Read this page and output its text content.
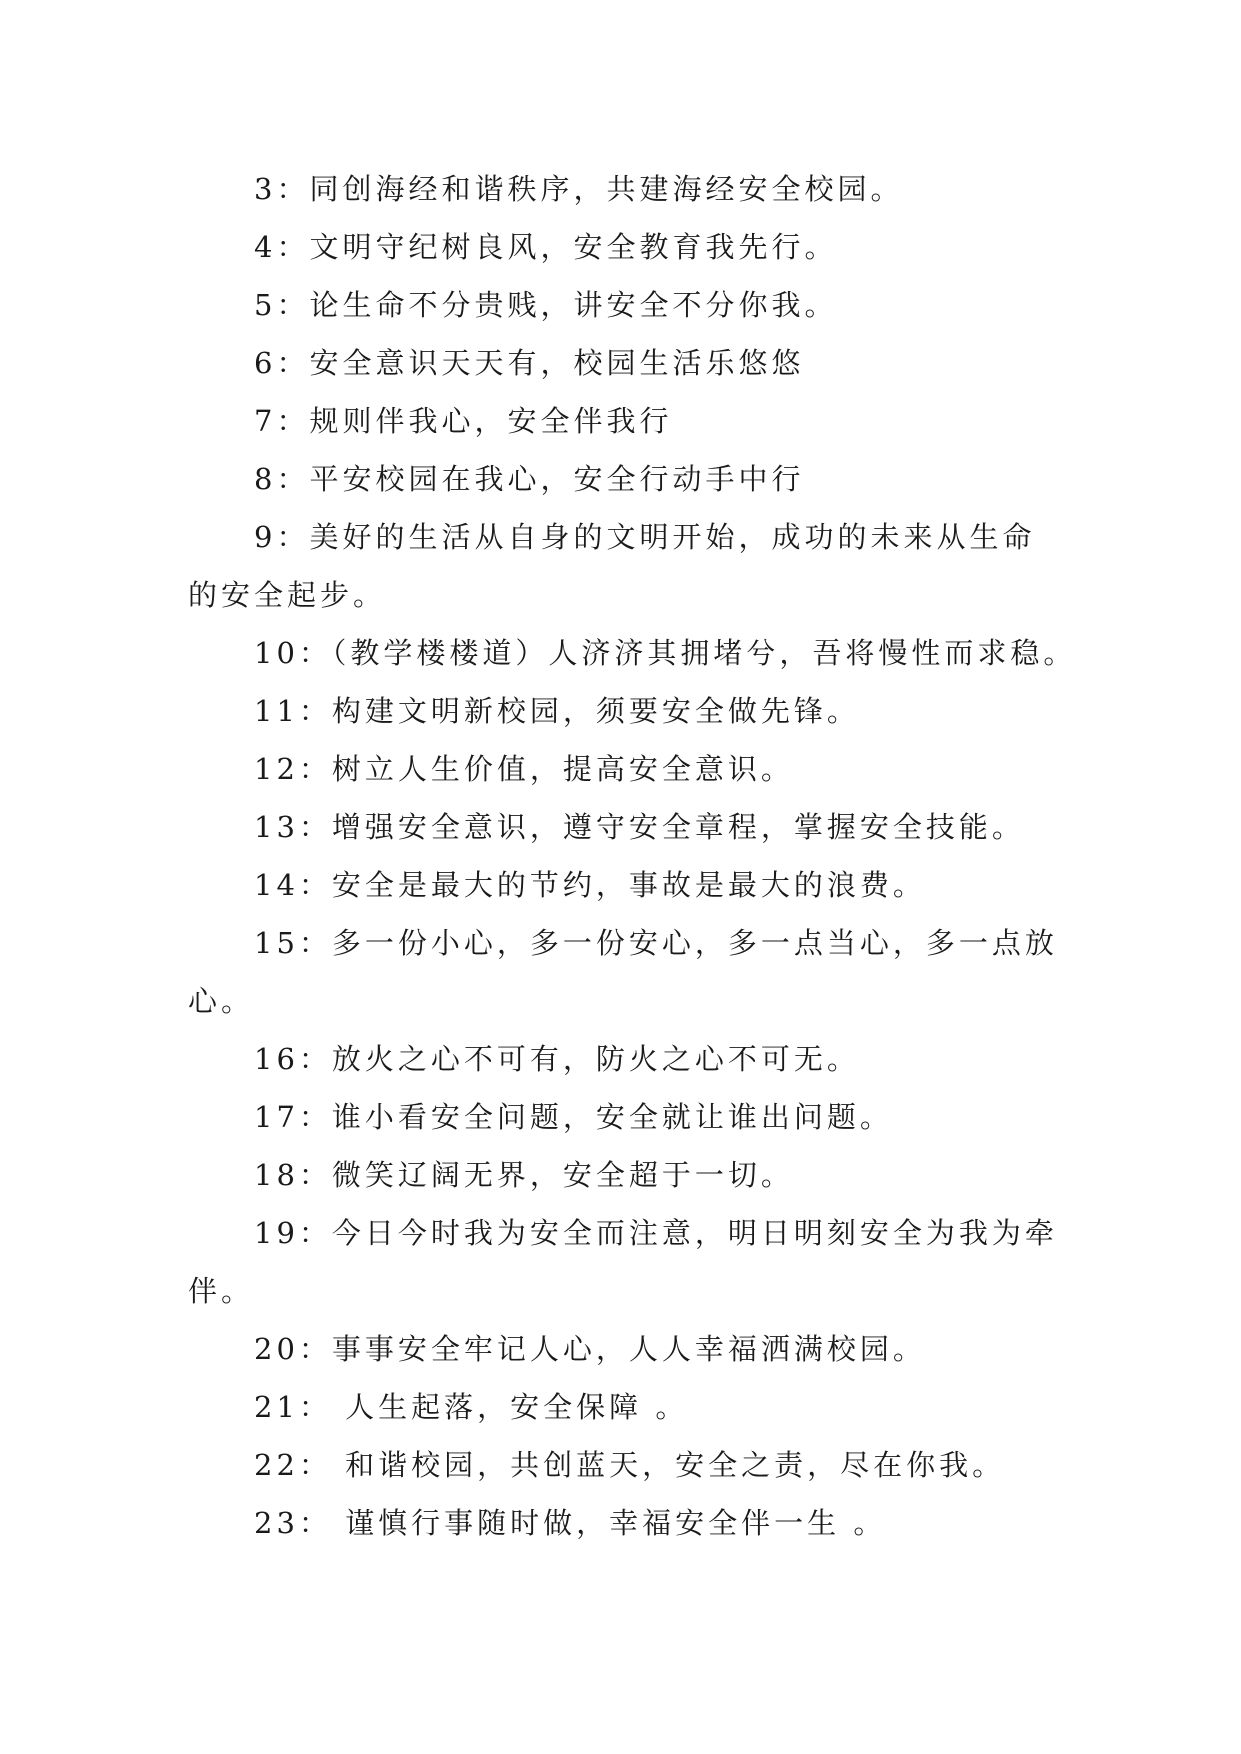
3：同创海经和谐秩序，共建海经安全校园。
4：文明守纪树良风，安全教育我先行。
5：论生命不分贵贱，讲安全不分你我。
6：安全意识天天有，校园生活乐悠悠
7：规则伴我心，安全伴我行
8：平安校园在我心，安全行动手中行
9：美好的生活从自身的文明开始，成功的未来从生命
的安全起步。
10：（教学楼楼道）人济济其拥堵兮，吾将慢性而求稳。
11：构建文明新校园，须要安全做先锋。
12：树立人生价值，提高安全意识。
13：增强安全意识，遵守安全章程，掌握安全技能。
14：安全是最大的节约，事故是最大的浪费。
15：多一份小心，多一份安心，多一点当心，多一点放
心。
16：放火之心不可有，防火之心不可无。
17：谁小看安全问题，安全就让谁出问题。
18：微笑辽阔无界，安全超于一切。
19：今日今时我为安全而注意，明日明刻安全为我为牵
伴。
20：事事安全牢记人心，人人幸福洒满校园。
21： 人生起落，安全保障 。
22： 和谐校园，共创蓝天，安全之责，尽在你我。
23： 谨慎行事随时做，幸福安全伴一生 。
